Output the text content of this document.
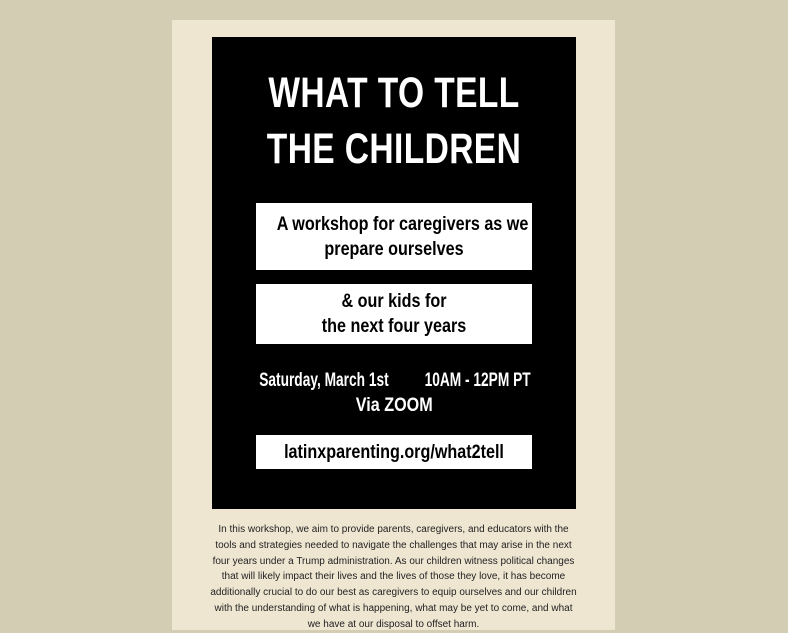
WHAT TO TELL
THE CHILDREN
A workshop for caregivers as we
prepare ourselves
& our kids for
the next four years
Saturday, March 1st 10AM - 12PM PT
Via ZOOM
latinxparenting.org/what2tell
In this workshop, we aim to provide parents, caregivers, and educators with the tools and strategies needed to navigate the challenges that may arise in the next four years under a Trump administration. As our children witness political changes that will likely impact their lives and the lives of those they love, it has become additionally crucial to do our best as caregivers to equip ourselves and our children with the understanding of what is happening, what may be yet to come, and what we have at our disposal to offset harm.
